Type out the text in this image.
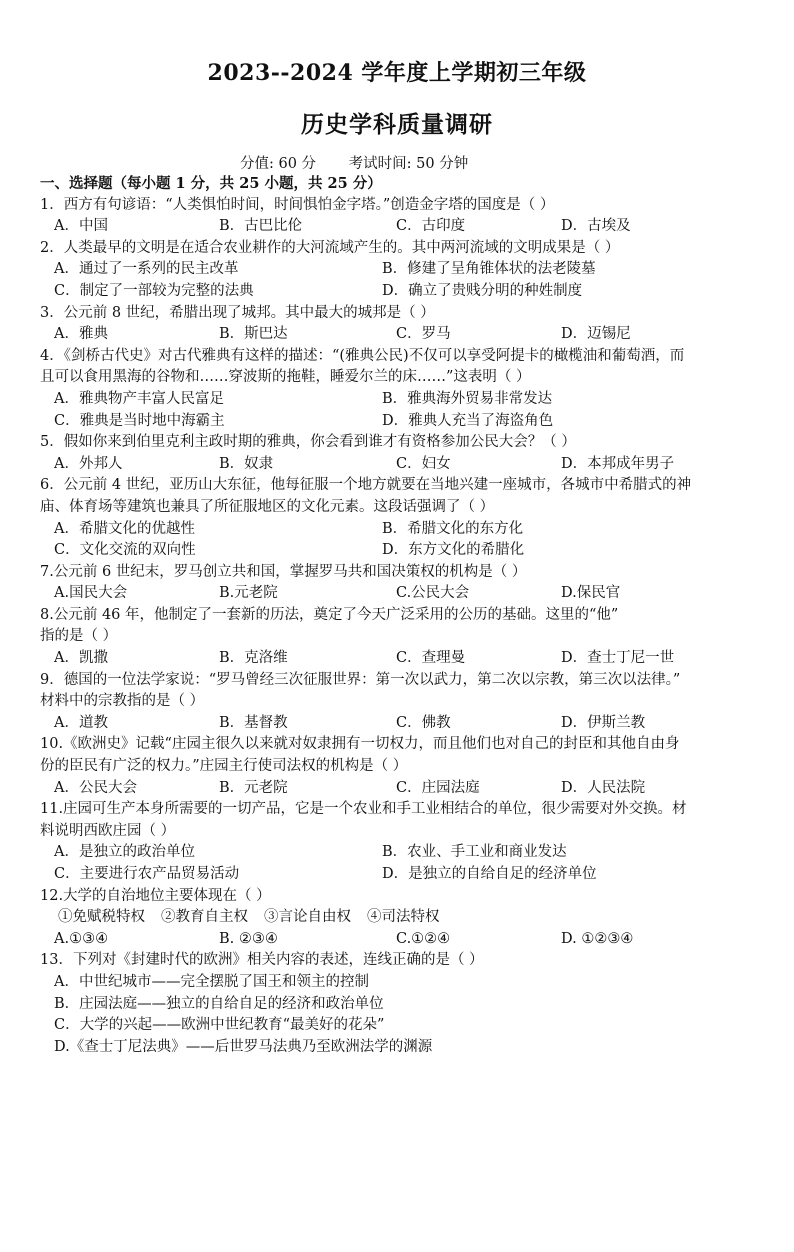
2023--2024 学年度上学期初三年级
历史学科质量调研
分值: 60 分 考试时间: 50 分钟
一、选择题（每小题 1 分，共 25 小题，共 25 分）
1．西方有句谚语：“人类惧怕时间，时间惧怕金字塔。”创造金字塔的国度是（ ）
A．中国	B．古巴比伦	C．古印度	D．古埃及
2．人类最早的文明是在适合农业耕作的大河流域产生的。其中两河流域的文明成果是（ ）
A．通过了一系列的民主改革	B．修建了呈角锥体状的法老陵墓
C．制定了一部较为完整的法典	D．确立了贵贱分明的种姓制度
3．公元前 8 世纪，希腊出现了城邦。其中最大的城邦是（ ）
A．雅典	B．斯巴达	C．罗马	D．迈锡尼
4．《剑桥古代史》对古代雅典有这样的描述：“(雅典公民)不仅可以享受阿提卡的橄榄油和葡萄酒，而
且可以食用黑海的谷物和……穿波斯的拖鞋，睡爱尔兰的床……”这表明（ ）
A．雅典物产丰富人民富足	B．雅典海外贸易非常发达
C．雅典是当时地中海霸主	D．雅典人充当了海盗角色
5．假如你来到伯里克利主政时期的雅典，你会看到谁才有资格参加公民大会？（ ）
A．外邦人	B．奴隶	C．妇女	D．本邦成年男子
6．公元前 4 世纪，亚历山大东征，他每征服一个地方就要在当地兴建一座城市，各城市中希腊式的神
庙、体育场等建筑也兼具了所征服地区的文化元素。这段话强调了（ ）
A．希腊文化的优越性	B．希腊文化的东方化
C．文化交流的双向性	D．东方文化的希腊化
7.公元前 6 世纪末，罗马创立共和国，掌握罗马共和国决策权的机构是（ ）
A.国民大会	B.元老院	C.公民大会	D.保民官
8.公元前 46 年，他制定了一套新的历法，奠定了今天广泛采用的公历的基础。这里的“他”
指的是（ ）
A．凯撒	B．克洛维	C．查理曼	D．查士丁尼一世
9．德国的一位法学家说：“罗马曾经三次征服世界：第一次以武力，第二次以宗教，第三次以法律。”
材料中的宗教指的是（ ）
A．道教	B．基督教	C．佛教	D．伊斯兰教
10.《欧洲史》记载“庄园主很久以来就对奴隶拥有一切权力，而且他们也对自己的封臣和其他自由身
份的臣民有广泛的权力。”庄园主行使司法权的机构是（ ）
A．公民大会	B．元老院	C．庄园法庭	D．人民法院
11.庄园可生产本身所需要的一切产品，它是一个农业和手工业相结合的单位，很少需要对外交换。材
料说明西欧庄园（ ）
A．是独立的政治单位	B．农业、手工业和商业发达
C．主要进行农产品贸易活动	D．是独立的自给自足的经济单位
12.大学的自治地位主要体现在（ ）
①免赋税特权 ②教育自主权 ③言论自由权 ④司法特权
A.①③④	B. ②③④	C.①②④	D. ①②③④
13．下列对《封建时代的欧洲》相关内容的表述，连线正确的是（ ）
A．中世纪城市——完全摆脱了国王和领主的控制
B．庄园法庭——独立的自给自足的经济和政治单位
C．大学的兴起——欧洲中世纪教育“最美好的花朵”
D.《查士丁尼法典》——后世罗马法典乃至欧洲法学的渊源
